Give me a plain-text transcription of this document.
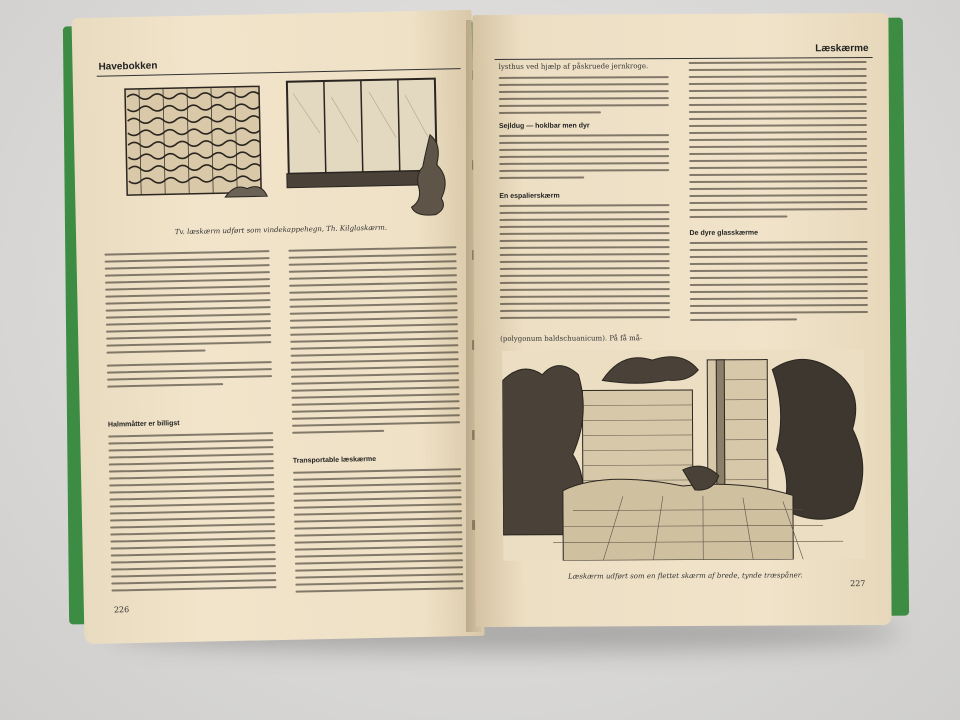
Havebokken
Tv. læskærm udført som vindekappehegn, Th. Kilglaskærm.
Halmmåtter er billigst
Transportable læskærme
226
Læskærme
lysthus ved hjælp af påskruede jernkroge.
Sejldug — hoklbar men dyr
En espalierskærm
(polygonum baldschuanicum). På få må-
De dyre glasskærme
Læskærm udført som en flettet skærm af brede, tynde træspåner.
227
